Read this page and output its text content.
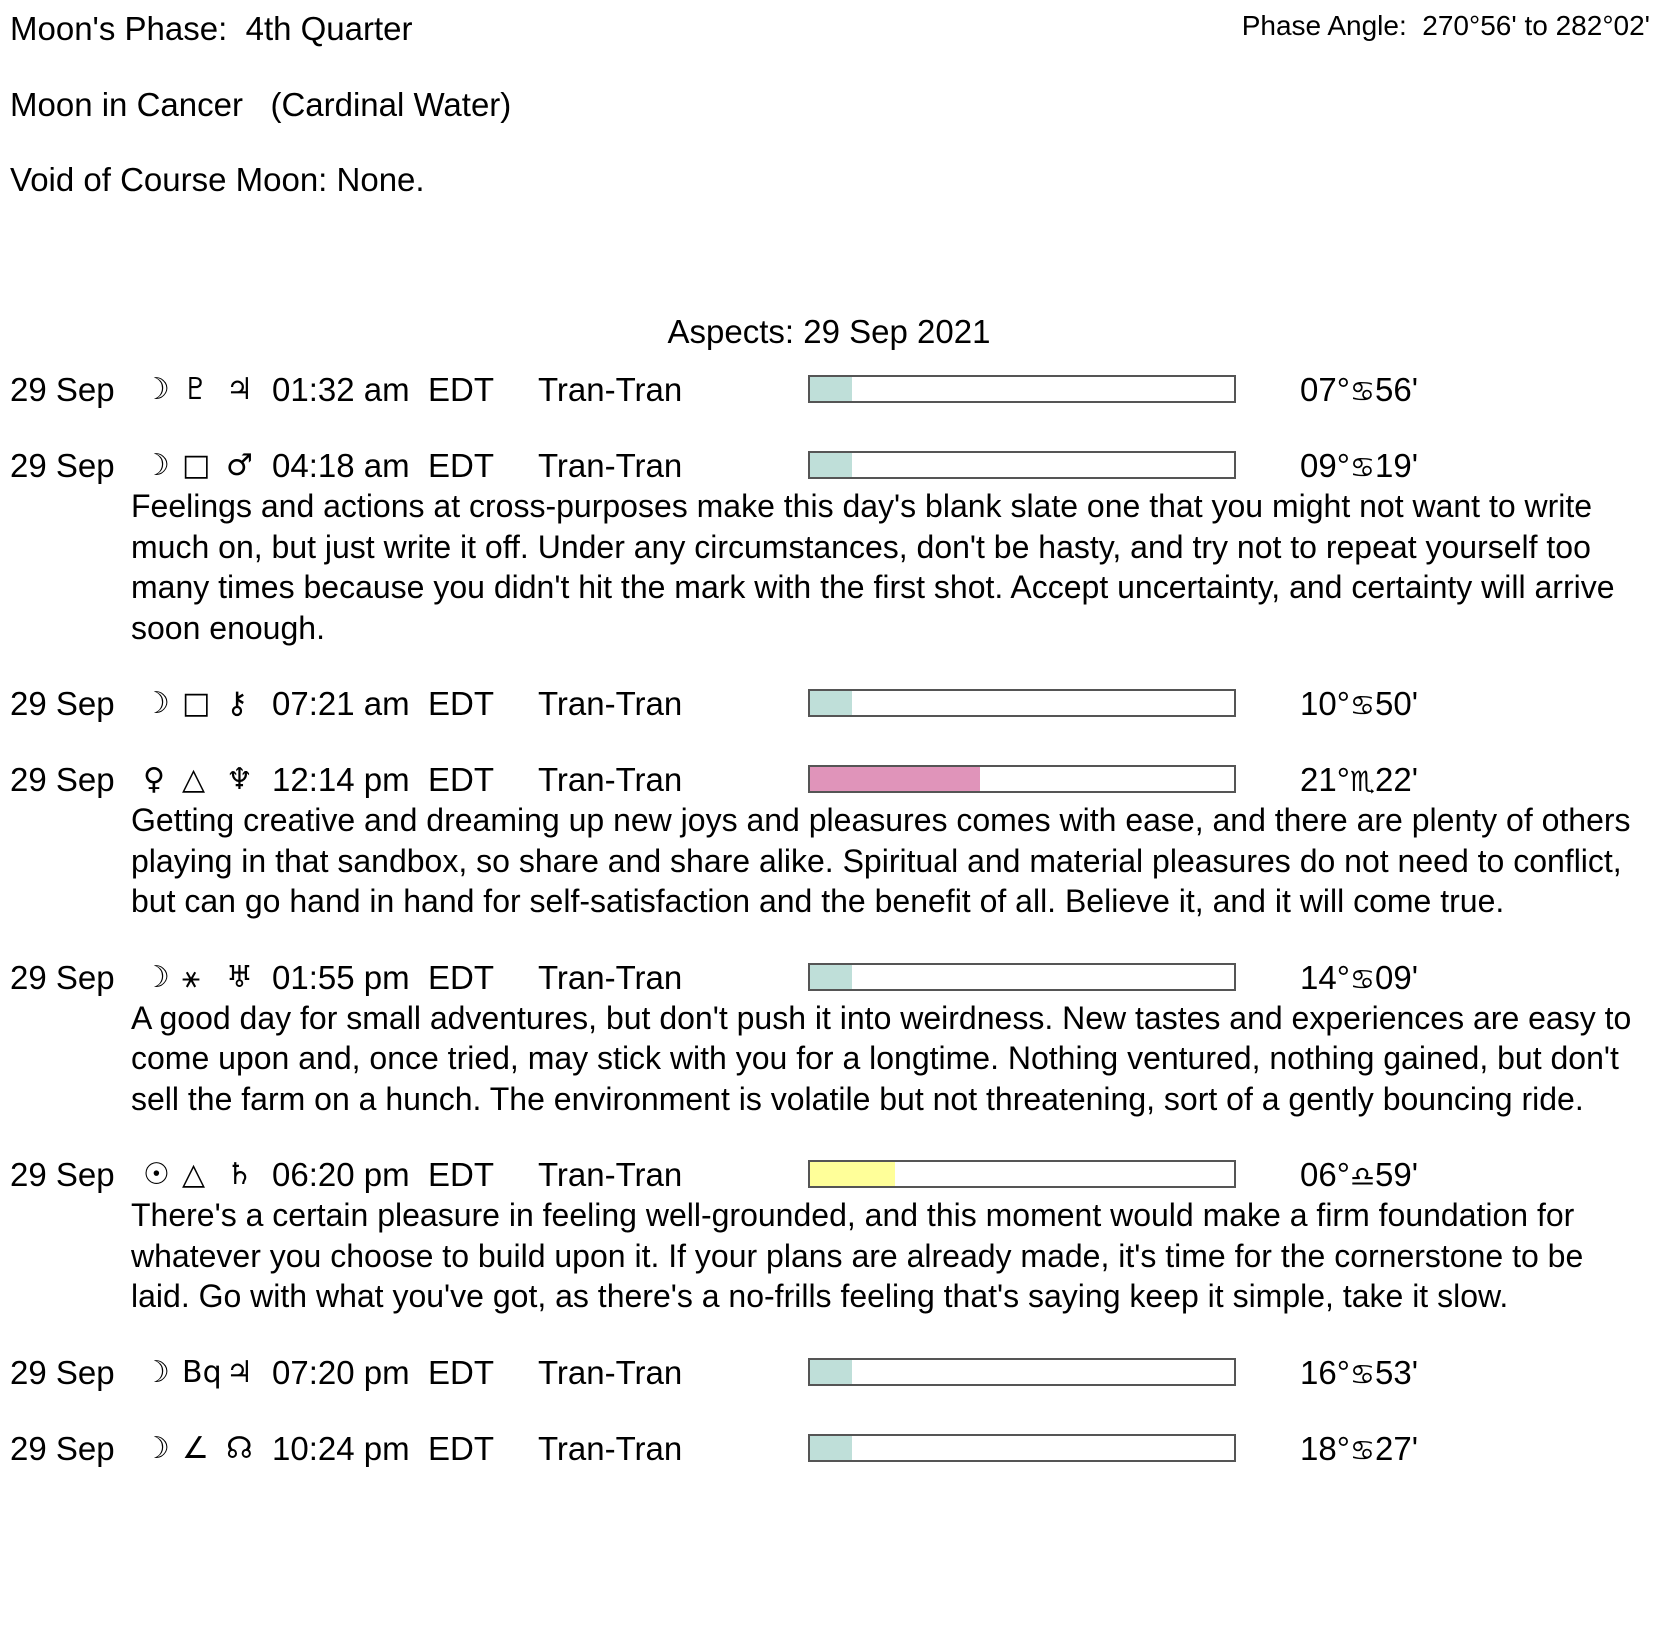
Moon's Phase:  4th Quarter
Moon in Cancer   (Cardinal Water)
Void of Course Moon: None.
Phase Angle:  270°56' to 282°02'
Aspects: 29 Sep 2021
29 Sep ☽ ♇ ♃ 01:32 am EDT Tran-Tran	07°♋56'
29 Sep ☽ □ ♂ 04:18 am EDT Tran-Tran	09°♋19'
Feelings and actions at cross-purposes make this day's blank slate one that you might not want to write much on, but just write it off. Under any circumstances, don't be hasty, and try not to repeat yourself too many times because you didn't hit the mark with the first shot. Accept uncertainty, and certainty will arrive soon enough.
29 Sep ☽ □ ⚷ 07:21 am EDT Tran-Tran	10°♋50'
29 Sep ♀ △ ♆ 12:14 pm EDT Tran-Tran	21°♏22'
Getting creative and dreaming up new joys and pleasures comes with ease, and there are plenty of others playing in that sandbox, so share and share alike. Spiritual and material pleasures do not need to conflict, but can go hand in hand for self-satisfaction and the benefit of all. Believe it, and it will come true.
29 Sep ☽ ⚹ ♅ 01:55 pm EDT Tran-Tran	14°♋09'
A good day for small adventures, but don't push it into weirdness. New tastes and experiences are easy to come upon and, once tried, may stick with you for a longtime. Nothing ventured, nothing gained, but don't sell the farm on a hunch. The environment is volatile but not threatening, sort of a gently bouncing ride.
29 Sep ☉ △ ♄ 06:20 pm EDT Tran-Tran	06°♎59'
There's a certain pleasure in feeling well-grounded, and this moment would make a firm foundation for whatever you choose to build upon it. If your plans are already made, it's time for the cornerstone to be laid. Go with what you've got, as there's a no-frills feeling that's saying keep it simple, take it slow.
29 Sep ☽ Bq ♃ 07:20 pm EDT Tran-Tran	16°♋53'
29 Sep ☽ ∠ ☊ 10:24 pm EDT Tran-Tran	18°♋27'
